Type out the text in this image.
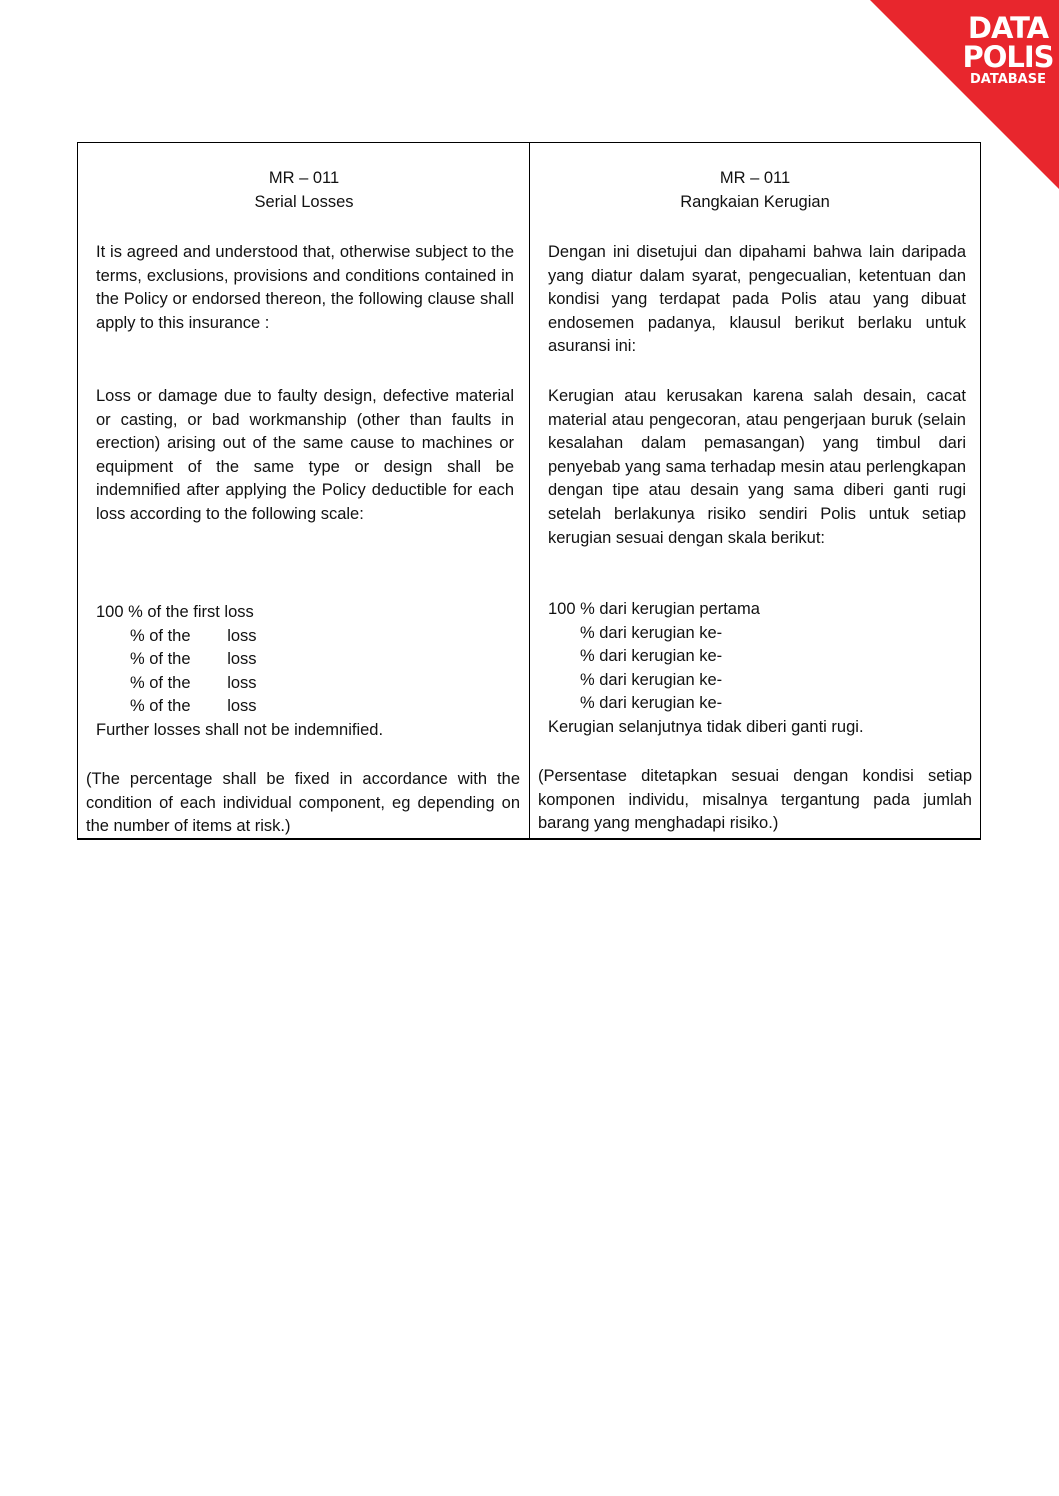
DATA
POLIS
DATABASE
MR – 011
Serial Losses
It is agreed and understood that, otherwise subject to the terms, exclusions, provisions and conditions contained in the Policy or endorsed thereon, the following clause shall apply to this insurance :
Loss or damage due to faulty design, defective material or casting, or bad workmanship (other than faults in erection) arising out of the same cause to machines or equipment of the same type or design shall be indemnified after applying the Policy deductible for each loss according to the following scale:
100 % of the first loss
% of the        loss
% of the        loss
% of the        loss
% of the        loss
Further losses shall not be indemnified.
(The percentage shall be fixed in accordance with the condition of each individual component, eg depending on the number of items at risk.)
MR – 011
Rangkaian Kerugian
Dengan ini disetujui dan dipahami bahwa lain daripada yang diatur dalam syarat, pengecualian, ketentuan dan kondisi yang terdapat pada Polis atau yang dibuat endosemen padanya, klausul berikut berlaku untuk asuransi ini:
Kerugian atau kerusakan karena salah desain, cacat material atau pengecoran, atau pengerjaan buruk (selain kesalahan dalam pemasangan) yang timbul dari penyebab yang sama terhadap mesin atau perlengkapan dengan tipe atau desain yang sama diberi ganti rugi setelah berlakunya risiko sendiri Polis untuk setiap kerugian sesuai dengan skala berikut:
100 % dari kerugian pertama
% dari kerugian ke-
% dari kerugian ke-
% dari kerugian ke-
% dari kerugian ke-
Kerugian selanjutnya tidak diberi ganti rugi.
(Persentase ditetapkan sesuai dengan kondisi setiap komponen individu, misalnya tergantung pada jumlah barang yang menghadapi risiko.)
